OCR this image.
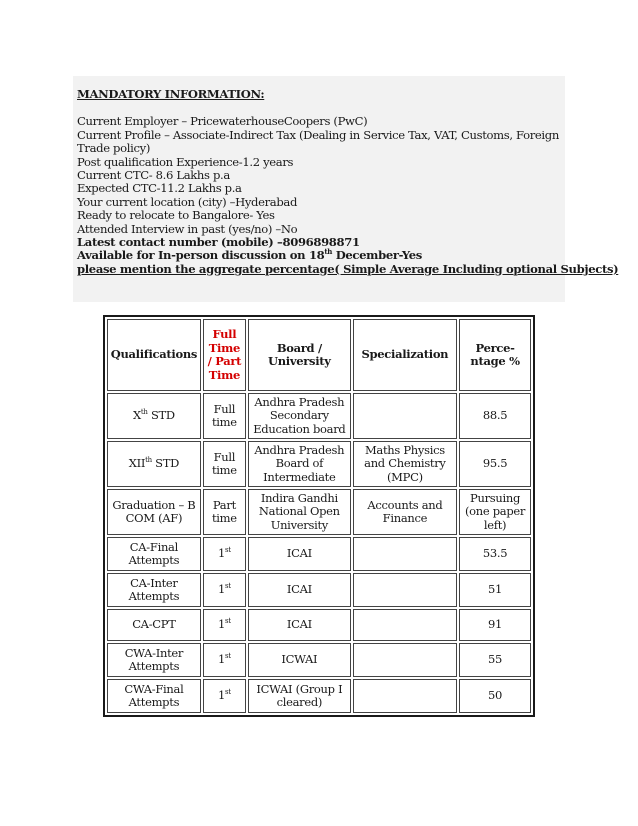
MANDATORY INFORMATION:
Current Employer – PricewaterhouseCoopers (PwC)
Current Profile – Associate-Indirect Tax (Dealing in Service Tax, VAT, Customs, Foreign Trade policy)
Post qualification Experience-1.2 years
Current CTC- 8.6 Lakhs p.a
Expected CTC-11.2 Lakhs p.a
Your current location (city) –Hyderabad
Ready to relocate to Bangalore- Yes
Attended Interview in past (yes/no) –No
Latest contact number (mobile) –8096898871
Available for In-person discussion on 18th December-Yes
please mention the aggregate percentage( Simple Average Including optional Subjects)
Qualifications	Full Time / Part Time	Board / University	Specialization	Perce-ntage %
Xth STD	Full time	Andhra Pradesh Secondary Education board		88.5
XIIth STD	Full time	Andhra Pradesh Board of Intermediate	Maths Physics and Chemistry (MPC)	95.5
Graduation – B COM (AF)	Part time	Indira Gandhi National Open University	Accounts and Finance	Pursuing (one paper left)
CA-Final Attempts	1st	ICAI		53.5
CA-Inter Attempts	1st	ICAI		51
CA-CPT	1st	ICAI		91
CWA-Inter Attempts	1st	ICWAI		55
CWA-Final Attempts	1st	ICWAI (Group I cleared)		50
